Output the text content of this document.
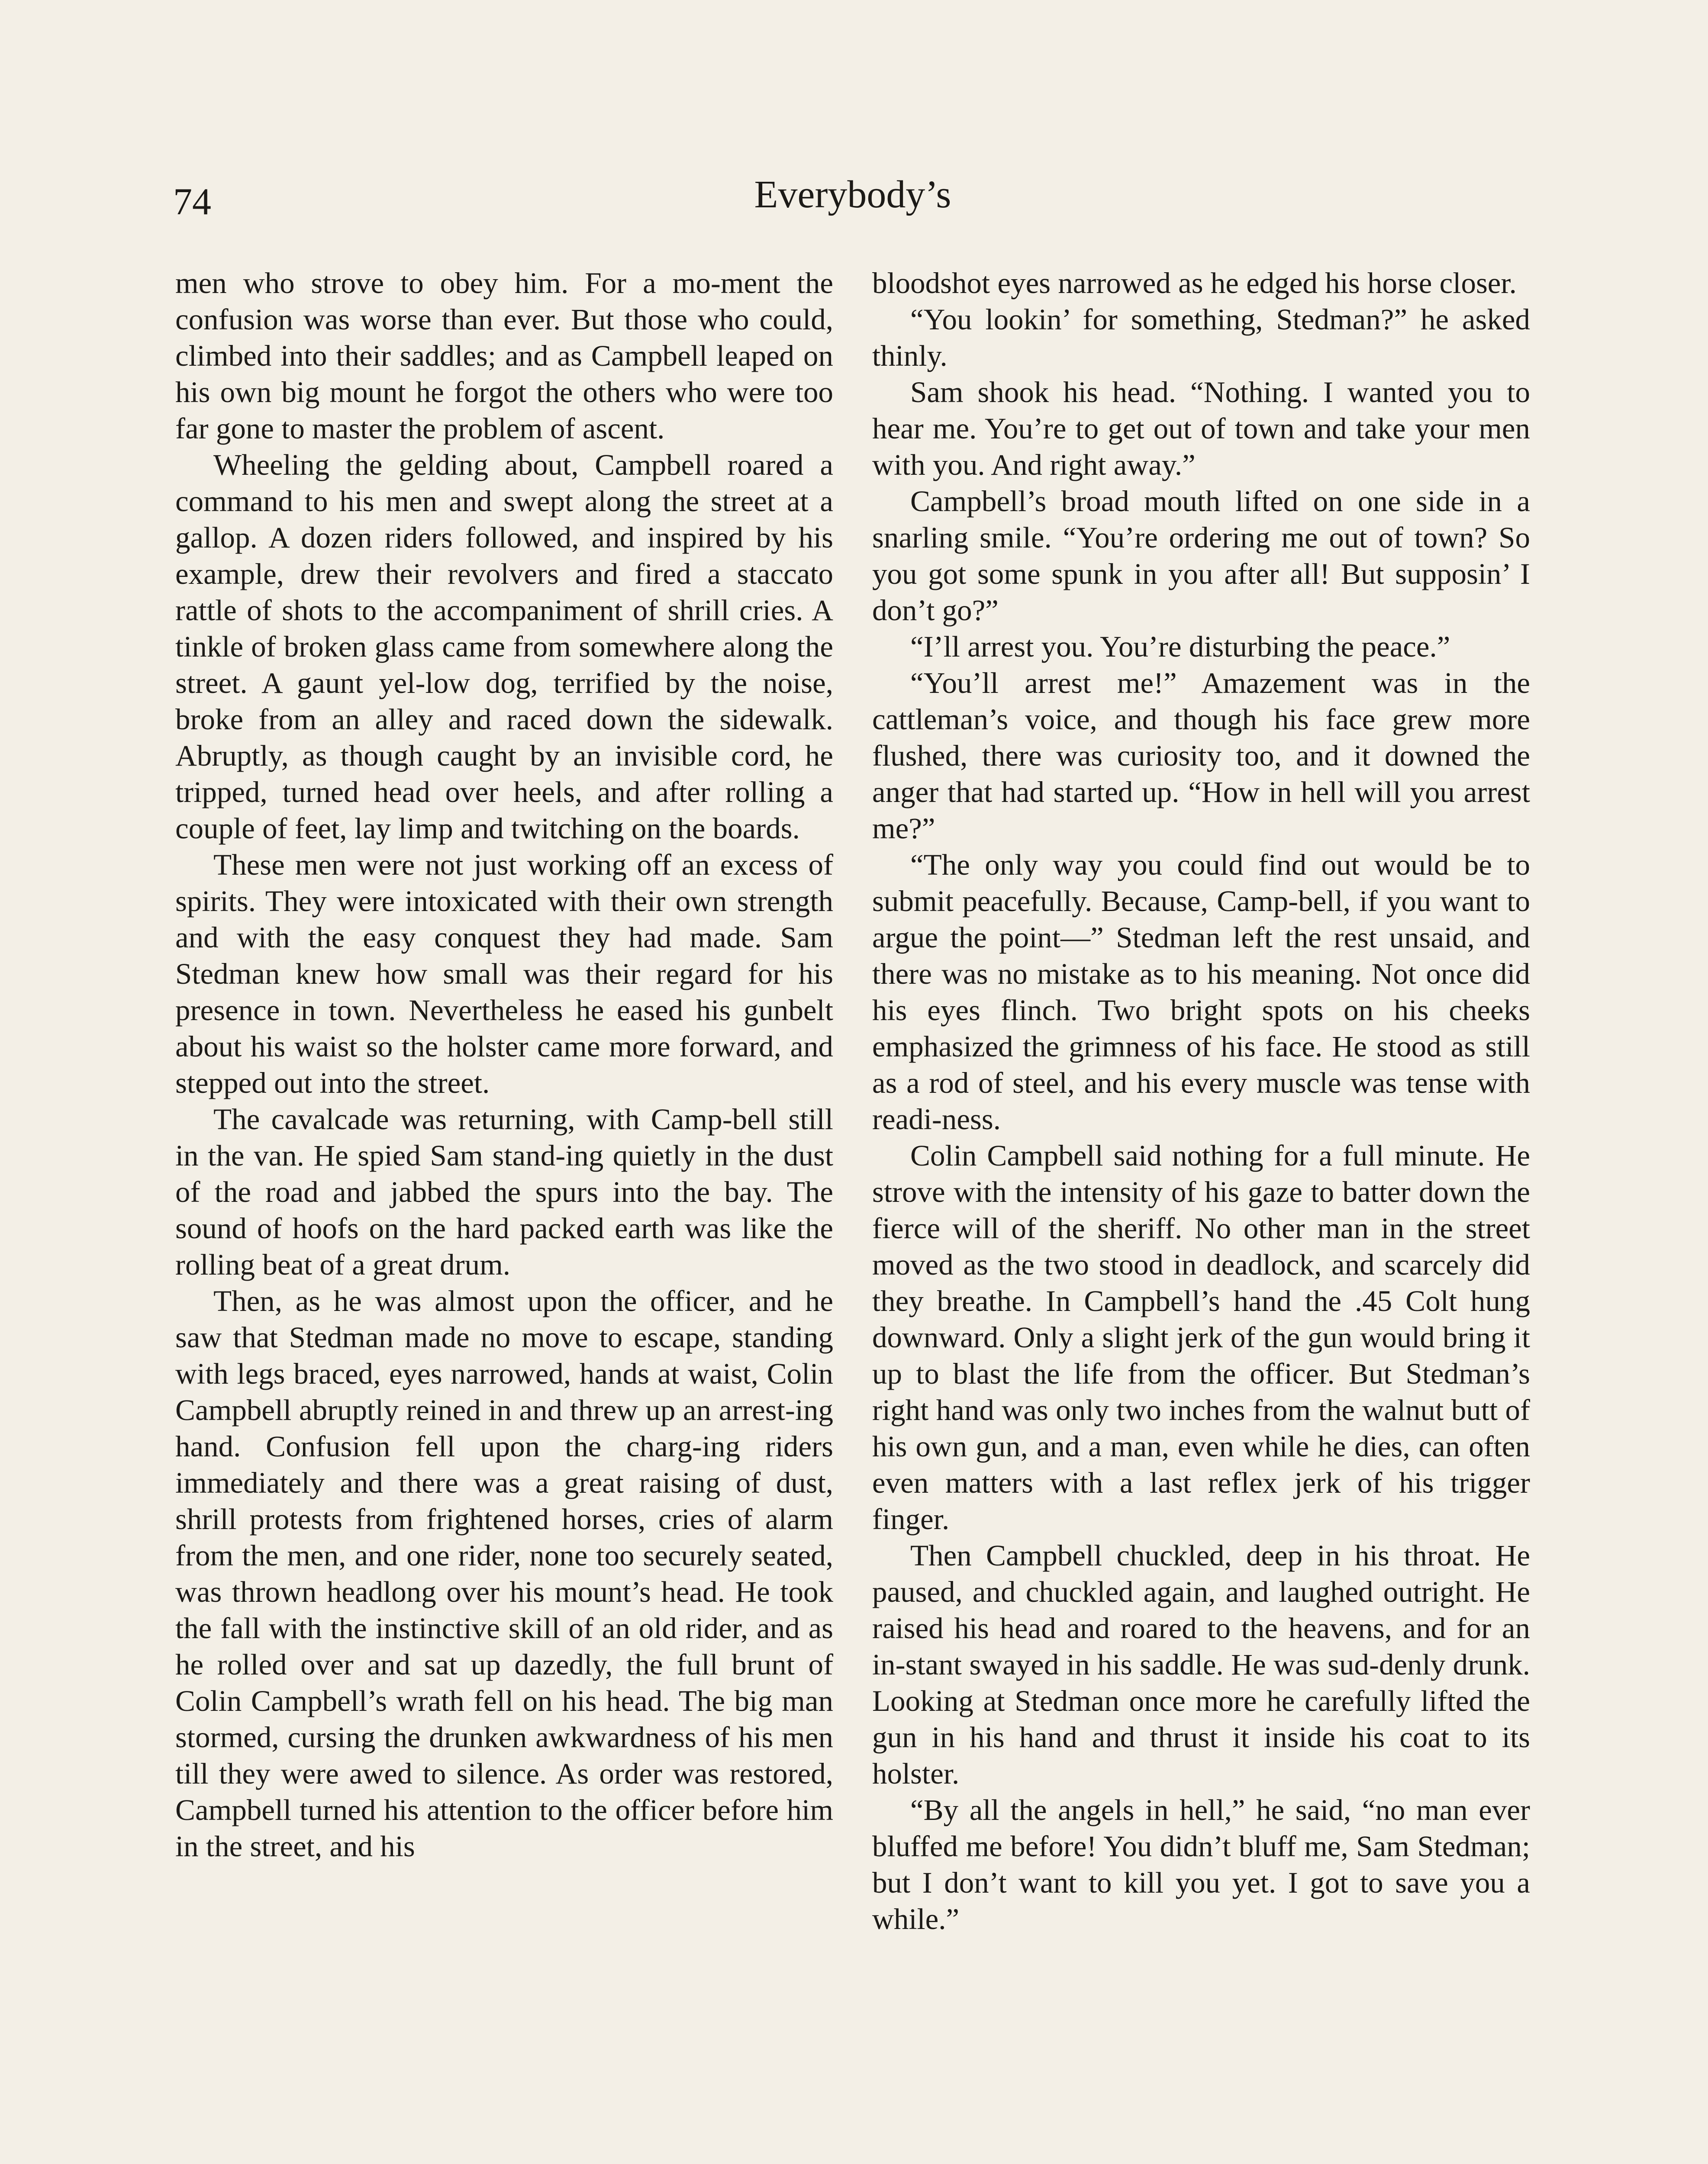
74	Everybody’s

men who strove to obey him. For a mo-ment the confusion was worse than ever. But those who could, climbed into their saddles; and as Campbell leaped on his own big mount he forgot the others who were too far gone to master the problem of ascent.

Wheeling the gelding about, Campbell roared a command to his men and swept along the street at a gallop. A dozen riders followed, and inspired by his example, drew their revolvers and fired a staccato rattle of shots to the accompaniment of shrill cries. A tinkle of broken glass came from somewhere along the street. A gaunt yel-low dog, terrified by the noise, broke from an alley and raced down the sidewalk. Abruptly, as though caught by an invisible cord, he tripped, turned head over heels, and after rolling a couple of feet, lay limp and twitching on the boards.

These men were not just working off an excess of spirits. They were intoxicated with their own strength and with the easy conquest they had made. Sam Stedman knew how small was their regard for his presence in town. Nevertheless he eased his gunbelt about his waist so the holster came more forward, and stepped out into the street.

The cavalcade was returning, with Camp-bell still in the van. He spied Sam stand-ing quietly in the dust of the road and jabbed the spurs into the bay. The sound of hoofs on the hard packed earth was like the rolling beat of a great drum.

Then, as he was almost upon the officer, and he saw that Stedman made no move to escape, standing with legs braced, eyes narrowed, hands at waist, Colin Campbell abruptly reined in and threw up an arrest-ing hand. Confusion fell upon the charg-ing riders immediately and there was a great raising of dust, shrill protests from frightened horses, cries of alarm from the men, and one rider, none too securely seated, was thrown headlong over his mount’s head. He took the fall with the instinctive skill of an old rider, and as he rolled over and sat up dazedly, the full brunt of Colin Campbell’s wrath fell on his head. The big man stormed, cursing the drunken awkwardness of his men till they were awed to silence. As order was restored, Campbell turned his attention to the officer before him in the street, and his

bloodshot eyes narrowed as he edged his horse closer.

“You lookin’ for something, Stedman?” he asked thinly.

Sam shook his head. “Nothing. I wanted you to hear me. You’re to get out of town and take your men with you. And right away.”

Campbell’s broad mouth lifted on one side in a snarling smile. “You’re ordering me out of town? So you got some spunk in you after all! But supposin’ I don’t go?”

“I’ll arrest you. You’re disturbing the peace.”

“You’ll arrest me!” Amazement was in the cattleman’s voice, and though his face grew more flushed, there was curiosity too, and it downed the anger that had started up. “How in hell will you arrest me?”

“The only way you could find out would be to submit peacefully. Because, Camp-bell, if you want to argue the point—” Stedman left the rest unsaid, and there was no mistake as to his meaning. Not once did his eyes flinch. Two bright spots on his cheeks emphasized the grimness of his face. He stood as still as a rod of steel, and his every muscle was tense with readi-ness.

Colin Campbell said nothing for a full minute. He strove with the intensity of his gaze to batter down the fierce will of the sheriff. No other man in the street moved as the two stood in deadlock, and scarcely did they breathe. In Campbell’s hand the .45 Colt hung downward. Only a slight jerk of the gun would bring it up to blast the life from the officer. But Stedman’s right hand was only two inches from the walnut butt of his own gun, and a man, even while he dies, can often even matters with a last reflex jerk of his trigger finger.

Then Campbell chuckled, deep in his throat. He paused, and chuckled again, and laughed outright. He raised his head and roared to the heavens, and for an in-stant swayed in his saddle. He was sud-denly drunk. Looking at Stedman once more he carefully lifted the gun in his hand and thrust it inside his coat to its holster.

“By all the angels in hell,” he said, “no man ever bluffed me before! You didn’t bluff me, Sam Stedman; but I don’t want to kill you yet. I got to save you a while.”
